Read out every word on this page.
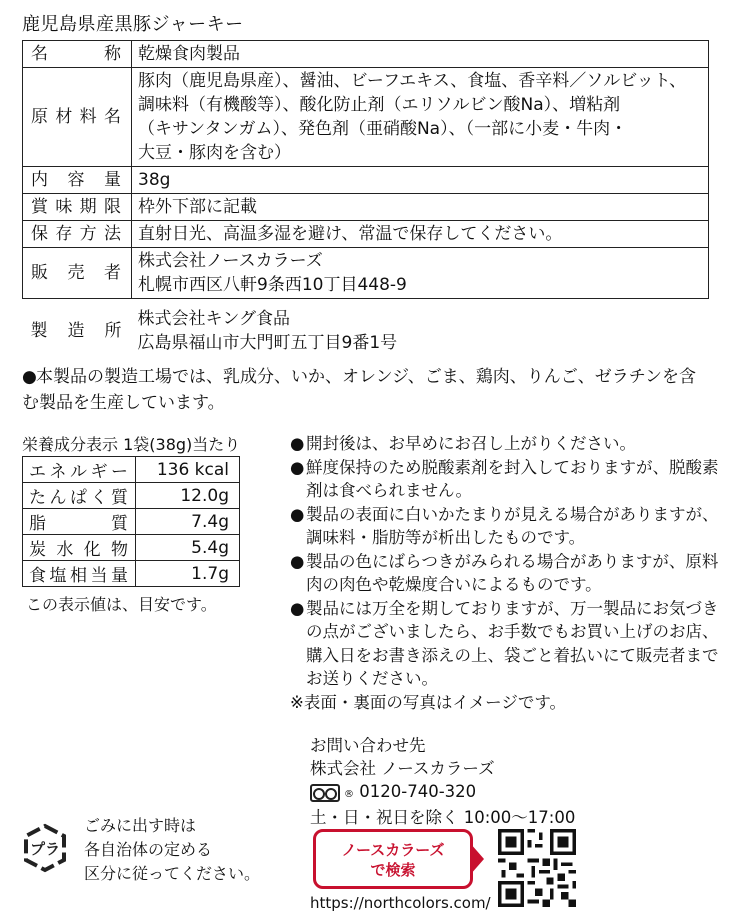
鹿児島県産黒豚ジャーキー
名　称	乾燥食肉製品

原材料名	豚肉（鹿児島県産）、醤油、ビーフエキス、食塩、香辛料／ソルビット、
調味料（有機酸等）、酸化防止剤（エリソルビン酸Na）、増粘剤
（キサンタンガム）、発色剤（亜硝酸Na）、（一部に小麦・牛肉・
大豆・豚肉を含む）

内容量	38g

賞味期限	枠外下部に記載

保存方法	直射日光、高温多湿を避け、常温で保存してください。

販売者	株式会社ノースカラーズ
札幌市西区八軒9条西10丁目448-9

製造所	株式会社キング食品
広島県福山市大門町五丁目9番1号
●本製品の製造工場では、乳成分、いか、オレンジ、ごま、鶏肉、りんご、ゼラチンを含む製品を生産しています。
栄養成分表示 1袋(38g)当たり
エネルギー	136 kcal
たんぱく質	12.0g
脂　質	7.4g
炭水化物	5.4g
食塩相当量	1.7g
この表示値は、目安です。
● 開封後は、お早めにお召し上がりください。
● 鮮度保持のため脱酸素剤を封入しておりますが、脱酸素剤は食べられません。
● 製品の表面に白いかたまりが見える場合がありますが、調味料・脂肪等が析出したものです。
● 製品の色にばらつきがみられる場合がありますが、原料肉の肉色や乾燥度合いによるものです。
● 製品には万全を期しておりますが、万一製品にお気づきの点がございましたら、お手数でもお買い上げのお店、購入日をお書き添えの上、袋ごと着払いにて販売者までお送りください。
※表面・裏面の写真はイメージです。
お問い合わせ先
株式会社 ノースカラーズ
® 0120-740-320
土・日・祝日を除く 10:00～17:00
プラ
ごみに出す時は
各自治体の定める
区分に従ってください。
ノースカラーズ
で検索
https://northcolors.com/
